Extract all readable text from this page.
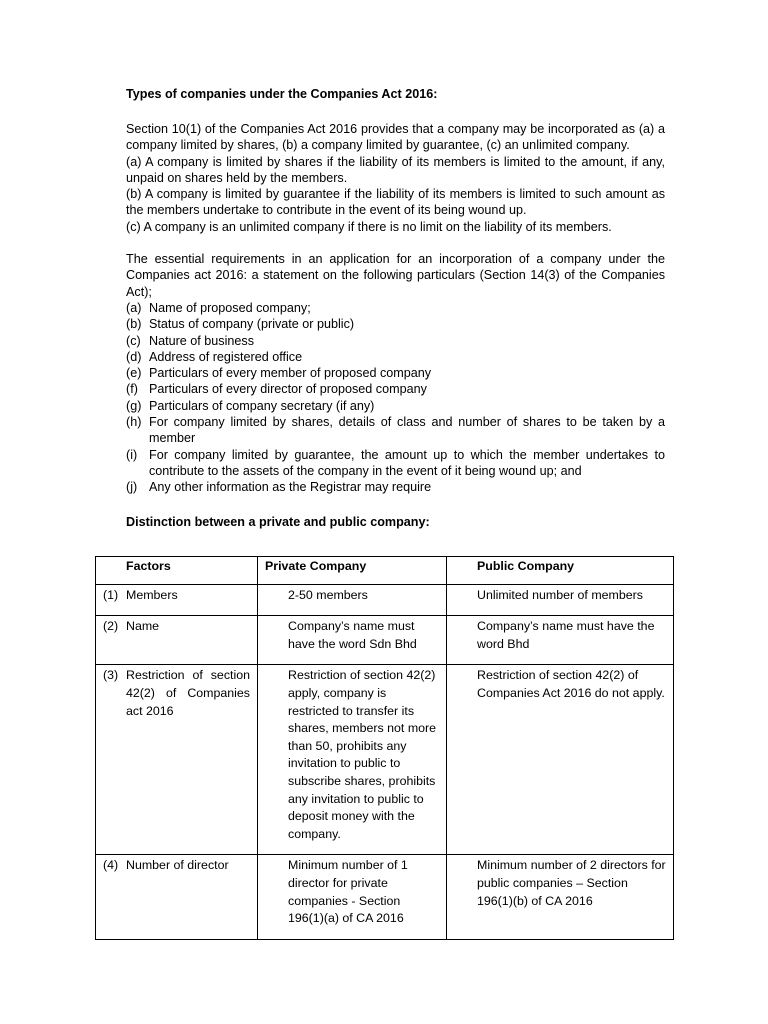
Types of companies under the Companies Act 2016:

Section 10(1) of the Companies Act 2016 provides that a company may be incorporated as (a) a company limited by shares, (b) a company limited by guarantee, (c) an unlimited company.

(a) A company is limited by shares if the liability of its members is limited to the amount, if any, unpaid on shares held by the members.

(b) A company is limited by guarantee if the liability of its members is limited to such amount as the members undertake to contribute in the event of its being wound up.

(c) A company is an unlimited company if there is no limit on the liability of its members.

The essential requirements in an application for an incorporation of a company under the Companies act 2016: a statement on the following particulars (Section 14(3) of the Companies Act);

(a) Name of proposed company;
(b) Status of company (private or public)
(c) Nature of business
(d) Address of registered office
(e) Particulars of every member of proposed company
(f) Particulars of every director of proposed company
(g) Particulars of company secretary (if any)
(h) For company limited by shares, details of class and number of shares to be taken by a member
(i) For company limited by guarantee, the amount up to which the member undertakes to contribute to the assets of the company in the event of it being wound up; and
(j) Any other information as the Registrar may require

Distinction between a private and public company:

Factors	Private Company	Public Company

(1) Members	2-50 members	Unlimited number of members

(2) Name	Company’s name must have the word Sdn Bhd	Company’s name must have the word Bhd

(3) Restriction of section 42(2) of Companies act 2016	Restriction of section 42(2) apply, company is restricted to transfer its shares, members not more than 50, prohibits any invitation to public to subscribe shares, prohibits any invitation to public to deposit money with the company.	Restriction of section 42(2) of Companies Act 2016 do not apply.

(4) Number of director	Minimum number of 1 director for private companies - Section 196(1)(a) of CA 2016	Minimum number of 2 directors for public companies – Section 196(1)(b) of CA 2016
